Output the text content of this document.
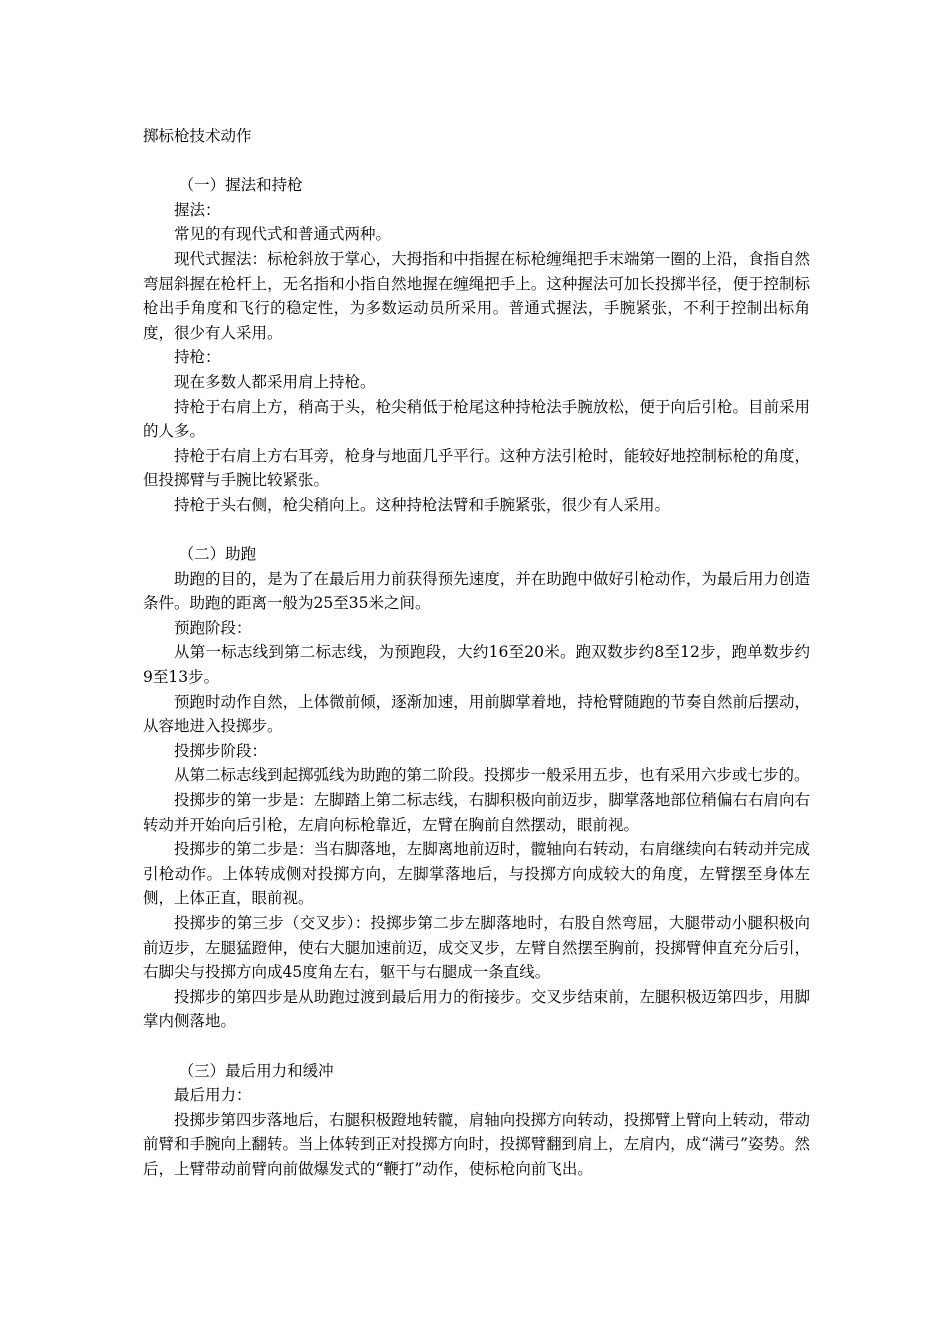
掷标枪技术动作

（一）握法和持枪

握法：

常见的有现代式和普通式两种。

现代式握法：标枪斜放于掌心，大拇指和中指握在标枪缠绳把手末端第一圈的上沿，食指自然弯屈斜握在枪杆上，无名指和小指自然地握在缠绳把手上。这种握法可加长投掷半径，便于控制标枪出手角度和飞行的稳定性，为多数运动员所采用。普通式握法，手腕紧张，不利于控制出标角度，很少有人采用。

持枪：

现在多数人都采用肩上持枪。

持枪于右肩上方，稍高于头，枪尖稍低于枪尾这种持枪法手腕放松，便于向后引枪。目前采用的人多。

持枪于右肩上方右耳旁，枪身与地面几乎平行。这种方法引枪时，能较好地控制标枪的角度，但投掷臂与手腕比较紧张。

持枪于头右侧，枪尖稍向上。这种持枪法臂和手腕紧张，很少有人采用。

（二）助跑

助跑的目的，是为了在最后用力前获得预先速度，并在助跑中做好引枪动作，为最后用力创造条件。助跑的距离一般为25至35米之间。

预跑阶段：

从第一标志线到第二标志线，为预跑段，大约16至20米。跑双数步约8至12步，跑单数步约9至13步。

预跑时动作自然，上体微前倾，逐渐加速，用前脚掌着地，持枪臂随跑的节奏自然前后摆动，从容地进入投掷步。

投掷步阶段：

从第二标志线到起掷弧线为助跑的第二阶段。投掷步一般采用五步，也有采用六步或七步的。

投掷步的第一步是：左脚踏上第二标志线，右脚积极向前迈步，脚掌落地部位稍偏右右肩向右转动并开始向后引枪，左肩向标枪靠近，左臂在胸前自然摆动，眼前视。

投掷步的第二步是：当右脚落地，左脚离地前迈时，髋轴向右转动，右肩继续向右转动并完成引枪动作。上体转成侧对投掷方向，左脚掌落地后，与投掷方向成较大的角度，左臂摆至身体左侧，上体正直，眼前视。

投掷步的第三步（交叉步）：投掷步第二步左脚落地时，右股自然弯屈，大腿带动小腿积极向前迈步，左腿猛蹬伸，使右大腿加速前迈，成交叉步，左臂自然摆至胸前，投掷臂伸直充分后引，右脚尖与投掷方向成45度角左右，躯干与右腿成一条直线。

投掷步的第四步是从助跑过渡到最后用力的衔接步。交叉步结束前，左腿积极迈第四步，用脚掌内侧落地。

（三）最后用力和缓冲

最后用力：

投掷步第四步落地后，右腿积极蹬地转髋，肩轴向投掷方向转动，投掷臂上臂向上转动，带动前臂和手腕向上翻转。当上体转到正对投掷方向时，投掷臂翻到肩上，左肩内，成“满弓”姿势。然后，上臂带动前臂向前做爆发式的“鞭打”动作，使标枪向前飞出。
